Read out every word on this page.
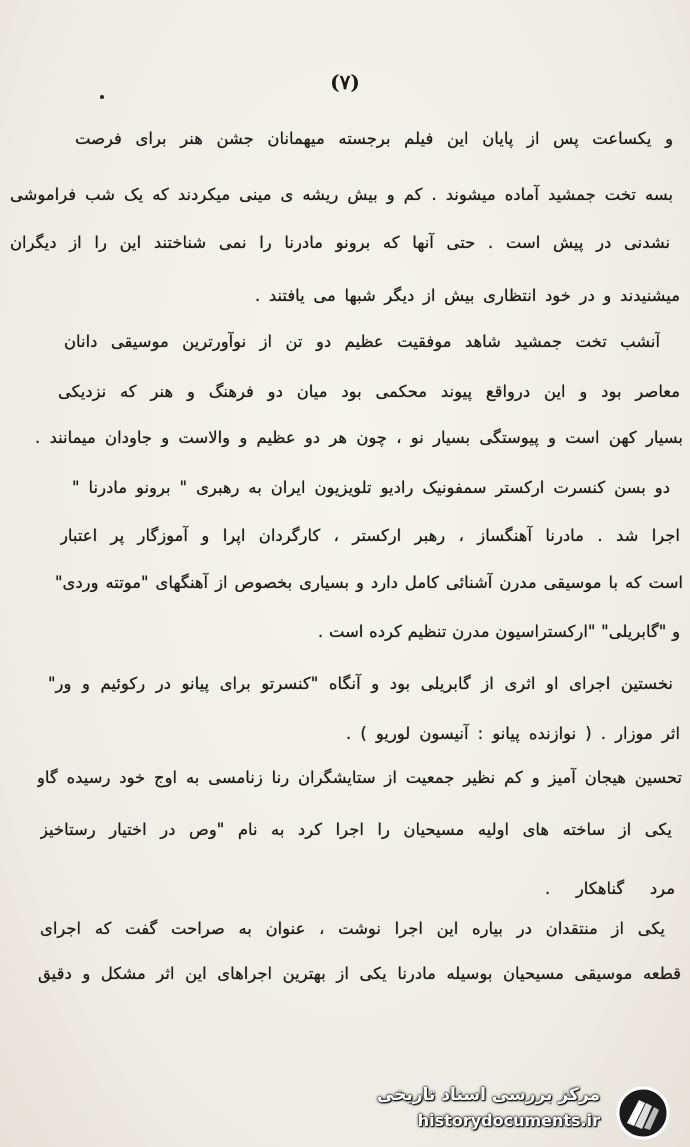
(۷)
و یکساعت پس از پایان این فیلم برجسته میهمانان جشن هنر برای فرصت
بسه تخت جمشید آماده میشوند . کم و بیش ریشه ی مینی میکردند که یک شب فراموشی
نشدنی در پیش است . حتی آنها که برونو مادرنا را نمی شناختند این را از دیگران
میشنیدند و در خود انتظاری بیش از دیگر شبها می یافتند .
آنشب تخت جمشید شاهد موفقیت عظیم دو تن از نوآورترین موسیقی دانان
معاصر بود و این درواقع پیوند محکمی بود میان دو فرهنگ و هنر که نزدیکی
بسیار کهن است و پیوستگی بسیار نو ، چون هر دو عظیم و والاست و جاودان میمانند .
دو بسن کنسرت ارکستر سمفونیک رادیو تلویزیون ایران به رهبری " برونو مادرنا "
اجرا شد . مادرنا آهنگساز ، رهبر ارکستر ، کارگردان اپرا و آموزگار پر اعتبار
است که با موسیقی مدرن آشنائی کامل دارد و بسیاری بخصوص از آهنگهای "موتته وردی"
و "گابریلی" "ارکستراسیون مدرن تنظیم کرده است .
نخستین اجرای او اثری از گابریلی بود و آنگاه "کنسرتو برای پیانو در رکوئیم و ور"
اثر موزار . ( نوازنده پیانو : آنیسون لوریو ) .
تحسین هیجان آمیز و کم نظیر جمعیت از ستایشگران رنا زنامسی به اوج خود رسیده گاو
یکی از ساخته های اولیه مسیحیان را اجرا کرد به نام "وص در اختیار رستاخیز
مرد گناهکار .
یکی از منتقدان در بیاره این اجرا نوشت ، عنوان به صراحت گفت که اجرای
قطعه موسیقی مسیحیان بوسیله مادرنا یکی از بهترین اجراهای این اثر مشکل و دقیق
مرکز بررسی اسناد تاریخی
historydocuments.ir
